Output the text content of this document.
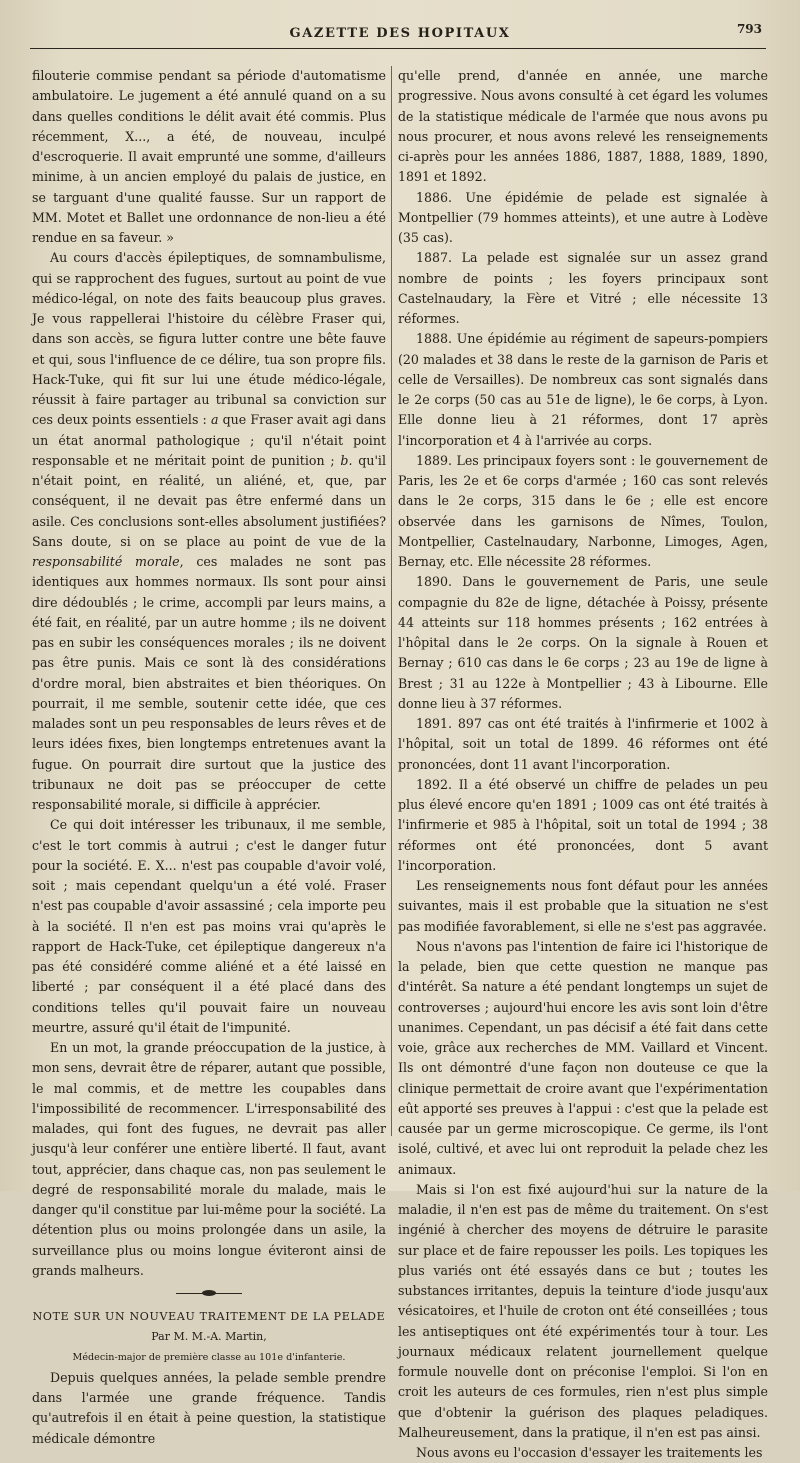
GAZETTE DES HOPITAUX	793

filouterie commise pendant sa période d'automatisme ambulatoire. Le jugement a été annulé quand on a su dans quelles conditions le délit avait été commis. Plus récemment, X..., a été, de nouveau, inculpé d'escroquerie. Il avait emprunté une somme, d'ailleurs minime, à un ancien employé du palais de justice, en se targuant d'une qualité fausse. Sur un rapport de MM. Motet et Ballet une ordonnance de non-lieu a été rendue en sa faveur. »

Au cours d'accès épileptiques, de somnambulisme, qui se rapprochent des fugues, surtout au point de vue médico-légal, on note des faits beaucoup plus graves. Je vous rappellerai l'histoire du célèbre Fraser qui, dans son accès, se figura lutter contre une bête fauve et qui, sous l'influence de ce délire, tua son propre fils. Hack-Tuke, qui fit sur lui une étude médico-légale, réussit à faire partager au tribunal sa conviction sur ces deux points essentiels : a que Fraser avait agi dans un état anormal pathologique ; qu'il n'était point responsable et ne méritait point de punition ; b. qu'il n'était point, en réalité, un aliéné, et, que, par conséquent, il ne devait pas être enfermé dans un asile. Ces conclusions sont-elles absolument justifiées? Sans doute, si on se place au point de vue de la responsabilité morale, ces malades ne sont pas identiques aux hommes normaux. Ils sont pour ainsi dire dédoublés ; le crime, accompli par leurs mains, a été fait, en réalité, par un autre homme ; ils ne doivent pas en subir les conséquences morales ; ils ne doivent pas être punis. Mais ce sont là des considérations d'ordre moral, bien abstraites et bien théoriques. On pourrait, il me semble, soutenir cette idée, que ces malades sont un peu responsables de leurs rêves et de leurs idées fixes, bien longtemps entretenues avant la fugue. On pourrait dire surtout que la justice des tribunaux ne doit pas se préoccuper de cette responsabilité morale, si difficile à apprécier.

Ce qui doit intéresser les tribunaux, il me semble, c'est le tort commis à autrui ; c'est le danger futur pour la société. E. X... n'est pas coupable d'avoir volé, soit ; mais cependant quelqu'un a été volé. Fraser n'est pas coupable d'avoir assassiné ; cela importe peu à la société. Il n'en est pas moins vrai qu'après le rapport de Hack-Tuke, cet épileptique dangereux n'a pas été considéré comme aliéné et a été laissé en liberté ; par conséquent il a été placé dans des conditions telles qu'il pouvait faire un nouveau meurtre, assuré qu'il était de l'impunité.

En un mot, la grande préoccupation de la justice, à mon sens, devrait être de réparer, autant que possible, le mal commis, et de mettre les coupables dans l'impossibilité de recommencer. L'irresponsabilité des malades, qui font des fugues, ne devrait pas aller jusqu'à leur conférer une entière liberté. Il faut, avant tout, apprécier, dans chaque cas, non pas seulement le degré de responsabilité morale du malade, mais le danger qu'il constitue par lui-même pour la société. La détention plus ou moins prolongée dans un asile, la surveillance plus ou moins longue éviteront ainsi de grands malheurs.

NOTE SUR UN NOUVEAU TRAITEMENT DE LA PELADE

Par M. M.-A. Martin,

Médecin-major de première classe au 101e d'infanterie.

Depuis quelques années, la pelade semble prendre dans l'armée une grande fréquence. Tandis qu'autrefois il en était à peine question, la statistique médicale démontre

qu'elle prend, d'année en année, une marche progressive. Nous avons consulté à cet égard les volumes de la statistique médicale de l'armée que nous avons pu nous procurer, et nous avons relevé les renseignements ci-après pour les années 1886, 1887, 1888, 1889, 1890, 1891 et 1892.

1886. Une épidémie de pelade est signalée à Montpellier (79 hommes atteints), et une autre à Lodève (35 cas).

1887. La pelade est signalée sur un assez grand nombre de points ; les foyers principaux sont Castelnaudary, la Fère et Vitré ; elle nécessite 13 réformes.

1888. Une épidémie au régiment de sapeurs-pompiers (20 malades et 38 dans le reste de la garnison de Paris et celle de Versailles). De nombreux cas sont signalés dans le 2e corps (50 cas au 51e de ligne), le 6e corps, à Lyon. Elle donne lieu à 21 réformes, dont 17 après l'incorporation et 4 à l'arrivée au corps.

1889. Les principaux foyers sont : le gouvernement de Paris, les 2e et 6e corps d'armée ; 160 cas sont relevés dans le 2e corps, 315 dans le 6e ; elle est encore observée dans les garnisons de Nîmes, Toulon, Montpellier, Castelnaudary, Narbonne, Limoges, Agen, Bernay, etc. Elle nécessite 28 réformes.

1890. Dans le gouvernement de Paris, une seule compagnie du 82e de ligne, détachée à Poissy, présente 44 atteints sur 118 hommes présents ; 162 entrées à l'hôpital dans le 2e corps. On la signale à Rouen et Bernay ; 610 cas dans le 6e corps ; 23 au 19e de ligne à Brest ; 31 au 122e à Montpellier ; 43 à Libourne. Elle donne lieu à 37 réformes.

1891. 897 cas ont été traités à l'infirmerie et 1002 à l'hôpital, soit un total de 1899. 46 réformes ont été prononcées, dont 11 avant l'incorporation.

1892. Il a été observé un chiffre de pelades un peu plus élevé encore qu'en 1891 ; 1009 cas ont été traités à l'infirmerie et 985 à l'hôpital, soit un total de 1994 ; 38 réformes ont été prononcées, dont 5 avant l'incorporation.

Les renseignements nous font défaut pour les années suivantes, mais il est probable que la situation ne s'est pas modifiée favorablement, si elle ne s'est pas aggravée.

Nous n'avons pas l'intention de faire ici l'historique de la pelade, bien que cette question ne manque pas d'intérêt. Sa nature a été pendant longtemps un sujet de controverses ; aujourd'hui encore les avis sont loin d'être unanimes. Cependant, un pas décisif a été fait dans cette voie, grâce aux recherches de MM. Vaillard et Vincent. Ils ont démontré d'une façon non douteuse ce que la clinique permettait de croire avant que l'expérimentation eût apporté ses preuves à l'appui : c'est que la pelade est causée par un germe microscopique. Ce germe, ils l'ont isolé, cultivé, et avec lui ont reproduit la pelade chez les animaux.

Mais si l'on est fixé aujourd'hui sur la nature de la maladie, il n'en est pas de même du traitement. On s'est ingénié à chercher des moyens de détruire le parasite sur place et de faire repousser les poils. Les topiques les plus variés ont été essayés dans ce but ; toutes les substances irritantes, depuis la teinture d'iode jusqu'aux vésicatoires, et l'huile de croton ont été conseillées ; tous les antiseptiques ont été expérimentés tour à tour. Les journaux médicaux relatent journellement quelque formule nouvelle dont on préconise l'emploi. Si l'on en croit les auteurs de ces formules, rien n'est plus simple que d'obtenir la guérison des plaques peladiques. Malheureusement, dans la pratique, il n'en est pas ainsi.

Nous avons eu l'occasion d'essayer les traitements les
